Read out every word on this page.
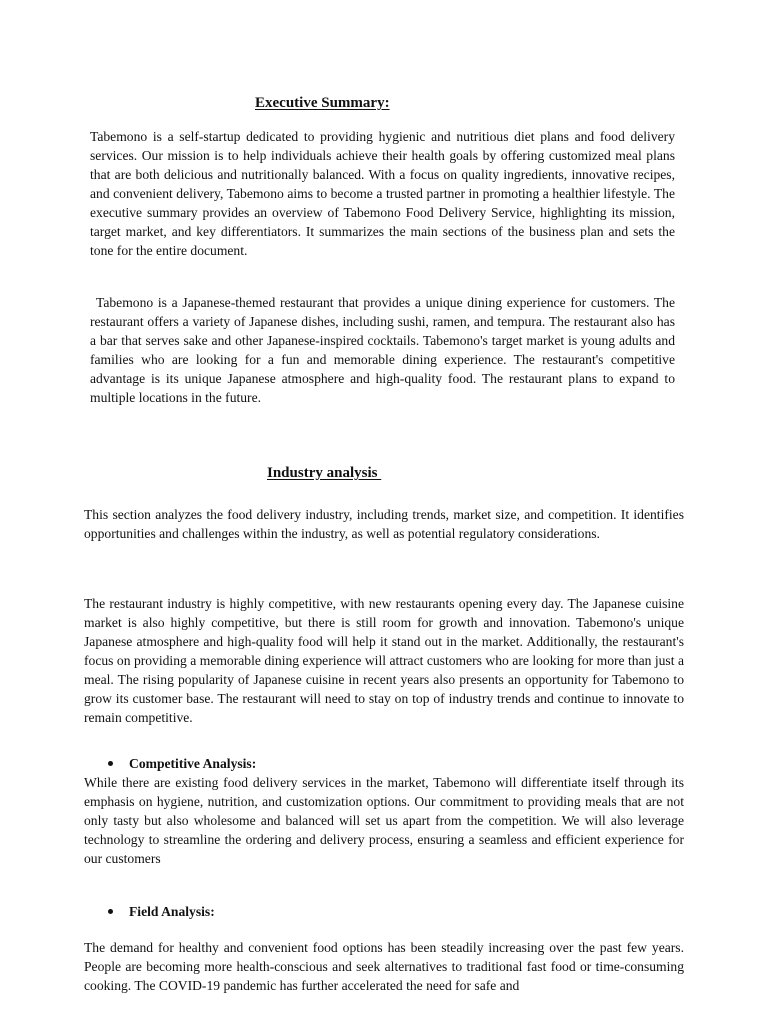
Executive Summary:

Tabemono is a self-startup dedicated to providing hygienic and nutritious diet plans and food delivery services. Our mission is to help individuals achieve their health goals by offering customized meal plans that are both delicious and nutritionally balanced. With a focus on quality ingredients, innovative recipes, and convenient delivery, Tabemono aims to become a trusted partner in promoting a healthier lifestyle. The executive summary provides an overview of Tabemono Food Delivery Service, highlighting its mission, target market, and key differentiators. It summarizes the main sections of the business plan and sets the tone for the entire document.

Tabemono is a Japanese-themed restaurant that provides a unique dining experience for customers. The restaurant offers a variety of Japanese dishes, including sushi, ramen, and tempura. The restaurant also has a bar that serves sake and other Japanese-inspired cocktails. Tabemono's target market is young adults and families who are looking for a fun and memorable dining experience. The restaurant's competitive advantage is its unique Japanese atmosphere and high-quality food. The restaurant plans to expand to multiple locations in the future.

Industry analysis

This section analyzes the food delivery industry, including trends, market size, and competition. It identifies opportunities and challenges within the industry, as well as potential regulatory considerations.

The restaurant industry is highly competitive, with new restaurants opening every day. The Japanese cuisine market is also highly competitive, but there is still room for growth and innovation. Tabemono's unique Japanese atmosphere and high-quality food will help it stand out in the market. Additionally, the restaurant's focus on providing a memorable dining experience will attract customers who are looking for more than just a meal. The rising popularity of Japanese cuisine in recent years also presents an opportunity for Tabemono to grow its customer base. The restaurant will need to stay on top of industry trends and continue to innovate to remain competitive.

Competitive Analysis:

While there are existing food delivery services in the market, Tabemono will differentiate itself through its emphasis on hygiene, nutrition, and customization options. Our commitment to providing meals that are not only tasty but also wholesome and balanced will set us apart from the competition. We will also leverage technology to streamline the ordering and delivery process, ensuring a seamless and efficient experience for our customers

Field Analysis:

The demand for healthy and convenient food options has been steadily increasing over the past few years. People are becoming more health-conscious and seek alternatives to traditional fast food or time-consuming cooking. The COVID-19 pandemic has further accelerated the need for safe and
